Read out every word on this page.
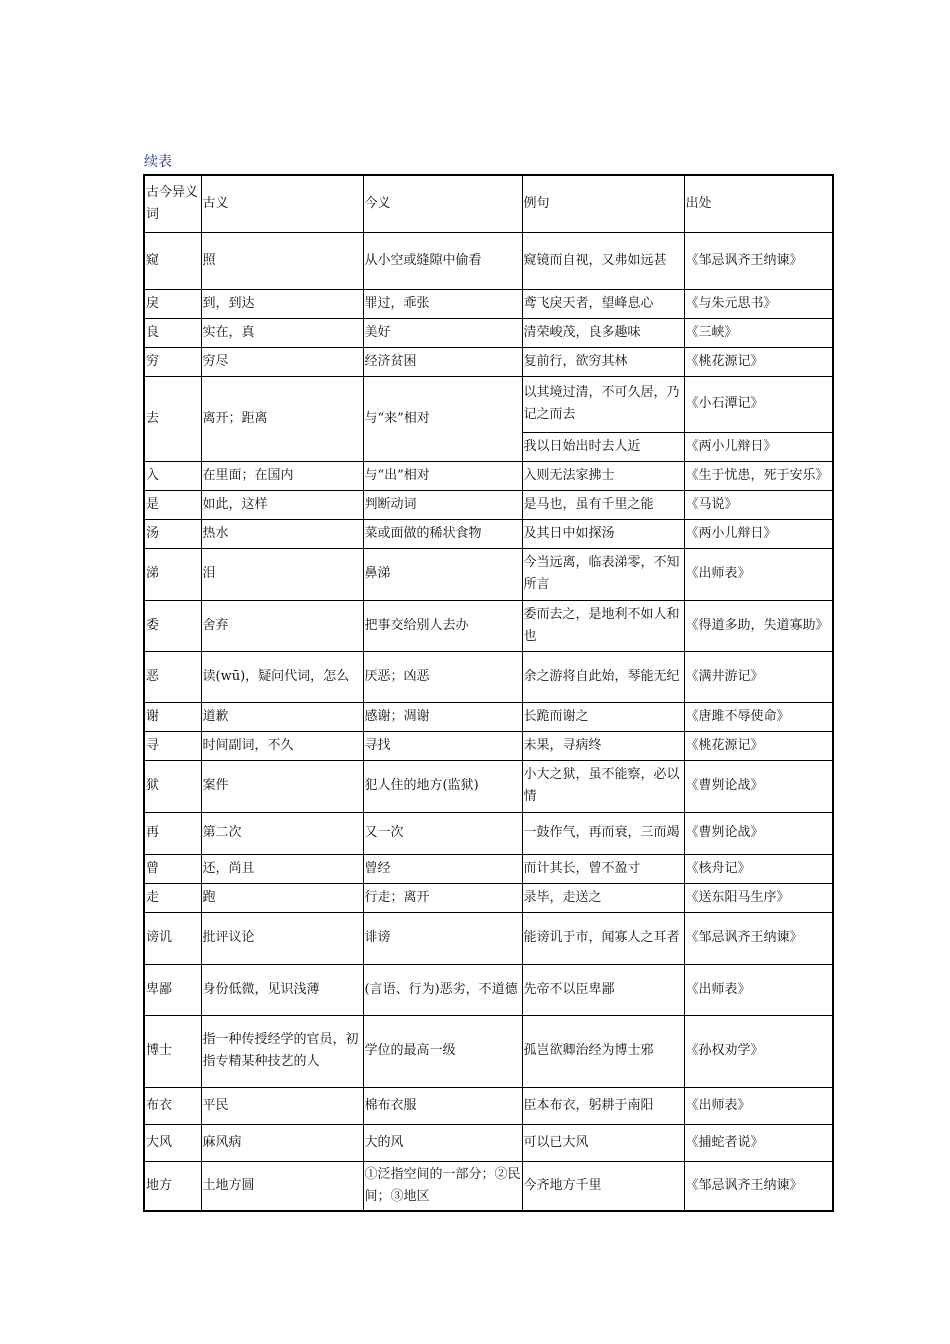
续表
古今异义词	古义	今义	例句	出处
窥	照	从小空或缝隙中偷看	窥镜而自视，又弗如远甚	《邹忌讽齐王纳谏》
戾	到，到达	罪过，乖张	鸢飞戾天者，望峰息心	《与朱元思书》
良	实在，真	美好	清荣峻茂，良多趣味	《三峡》
穷	穷尽	经济贫困	复前行，欲穷其林	《桃花源记》
去	离开；距离	与“来”相对	以其境过清，不可久居，乃记之而去	《小石潭记》
			我以日始出时去人近	《两小儿辩日》
入	在里面；在国内	与“出”相对	入则无法家拂士	《生于忧患，死于安乐》
是	如此，这样	判断动词	是马也，虽有千里之能	《马说》
汤	热水	菜或面做的稀状食物	及其日中如探汤	《两小儿辩日》
涕	泪	鼻涕	今当远离，临表涕零，不知所言	《出师表》
委	舍弃	把事交给别人去办	委而去之，是地利不如人和也	《得道多助，失道寡助》
恶	读(wū)，疑问代词，怎么	厌恶；凶恶	余之游将自此始，琴能无纪	《满井游记》
谢	道歉	感谢；凋谢	长跪而谢之	《唐雎不辱使命》
寻	时间副词，不久	寻找	未果，寻病终	《桃花源记》
狱	案件	犯人住的地方(监狱)	小大之狱，虽不能察，必以情	《曹刿论战》
再	第二次	又一次	一鼓作气，再而衰，三而竭	《曹刿论战》
曾	还，尚且	曾经	而计其长，曾不盈寸	《核舟记》
走	跑	行走；离开	录毕，走送之	《送东阳马生序》
谤讥	批评议论	诽谤	能谤讥于市，闻寡人之耳者	《邹忌讽齐王纳谏》
卑鄙	身份低微，见识浅薄	(言语、行为)恶劣，不道德	先帝不以臣卑鄙	《出师表》
博士	指一种传授经学的官员，初指专精某种技艺的人	学位的最高一级	孤岂欲卿治经为博士邪	《孙权劝学》
布衣	平民	棉布衣服	臣本布衣，躬耕于南阳	《出师表》
大风	麻风病	大的风	可以已大风	《捕蛇者说》
地方	土地方圆	①泛指空间的一部分；②民间；③地区	今齐地方千里	《邹忌讽齐王纳谏》
